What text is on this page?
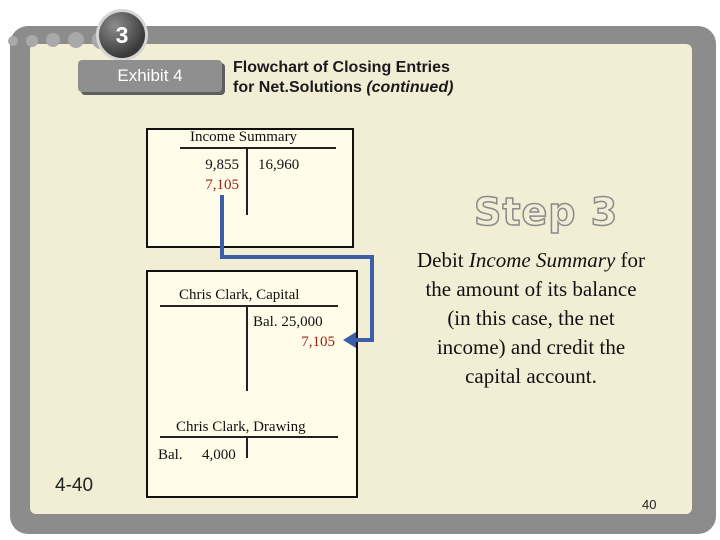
3
Exhibit 4	Flowchart of Closing Entries
for Net.Solutions (continued)
Income Summary
9,855
7,105
16,960
Chris Clark, Capital
Bal. 25,000
7,105
Chris Clark, Drawing
Bal. 4,000
Step 3
Debit Income Summary for the amount of its balance (in this case, the net income) and credit the capital account.
4-40
40
